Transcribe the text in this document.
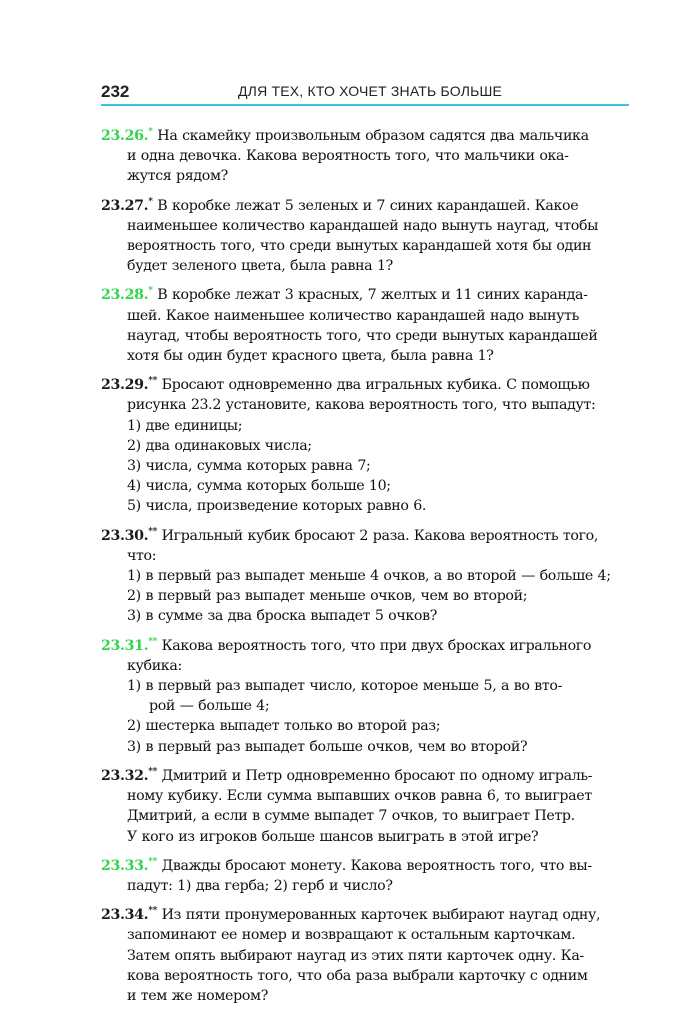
232	ДЛЯ ТЕХ, КТО ХОЧЕТ ЗНАТЬ БОЛЬШЕ
23.26.* На скамейку произвольным образом садятся два мальчика
и одна девочка. Какова вероятность того, что мальчики ока-
жутся рядом?
23.27.* В коробке лежат 5 зеленых и 7 синих карандашей. Какое
наименьшее количество карандашей надо вынуть наугад, чтобы
вероятность того, что среди вынутых карандашей хотя бы один
будет зеленого цвета, была равна 1?
23.28.* В коробке лежат 3 красных, 7 желтых и 11 синих каранда-
шей. Какое наименьшее количество карандашей надо вынуть
наугад, чтобы вероятность того, что среди вынутых карандашей
хотя бы один будет красного цвета, была равна 1?
23.29.** Бросают одновременно два игральных кубика. С помощью
рисунка 23.2 установите, какова вероятность того, что выпадут:
1) две единицы;
2) два одинаковых числа;
3) числа, сумма которых равна 7;
4) числа, сумма которых больше 10;
5) числа, произведение которых равно 6.
23.30.** Игральный кубик бросают 2 раза. Какова вероятность того,
что:
1) в первый раз выпадет меньше 4 очков, а во второй — больше 4;
2) в первый раз выпадет меньше очков, чем во второй;
3) в сумме за два броска выпадет 5 очков?
23.31.** Какова вероятность того, что при двух бросках игрального
кубика:
1) в первый раз выпадет число, которое меньше 5, а во вто-
рой — больше 4;
2) шестерка выпадет только во второй раз;
3) в первый раз выпадет больше очков, чем во второй?
23.32.** Дмитрий и Петр одновременно бросают по одному играль-
ному кубику. Если сумма выпавших очков равна 6, то выиграет
Дмитрий, а если в сумме выпадет 7 очков, то выиграет Петр.
У кого из игроков больше шансов выиграть в этой игре?
23.33.** Дважды бросают монету. Какова вероятность того, что вы-
падут: 1) два герба; 2) герб и число?
23.34.** Из пяти пронумерованных карточек выбирают наугад одну,
запоминают ее номер и возвращают к остальным карточкам.
Затем опять выбирают наугад из этих пяти карточек одну. Ка-
кова вероятность того, что оба раза выбрали карточку с одним
и тем же номером?
